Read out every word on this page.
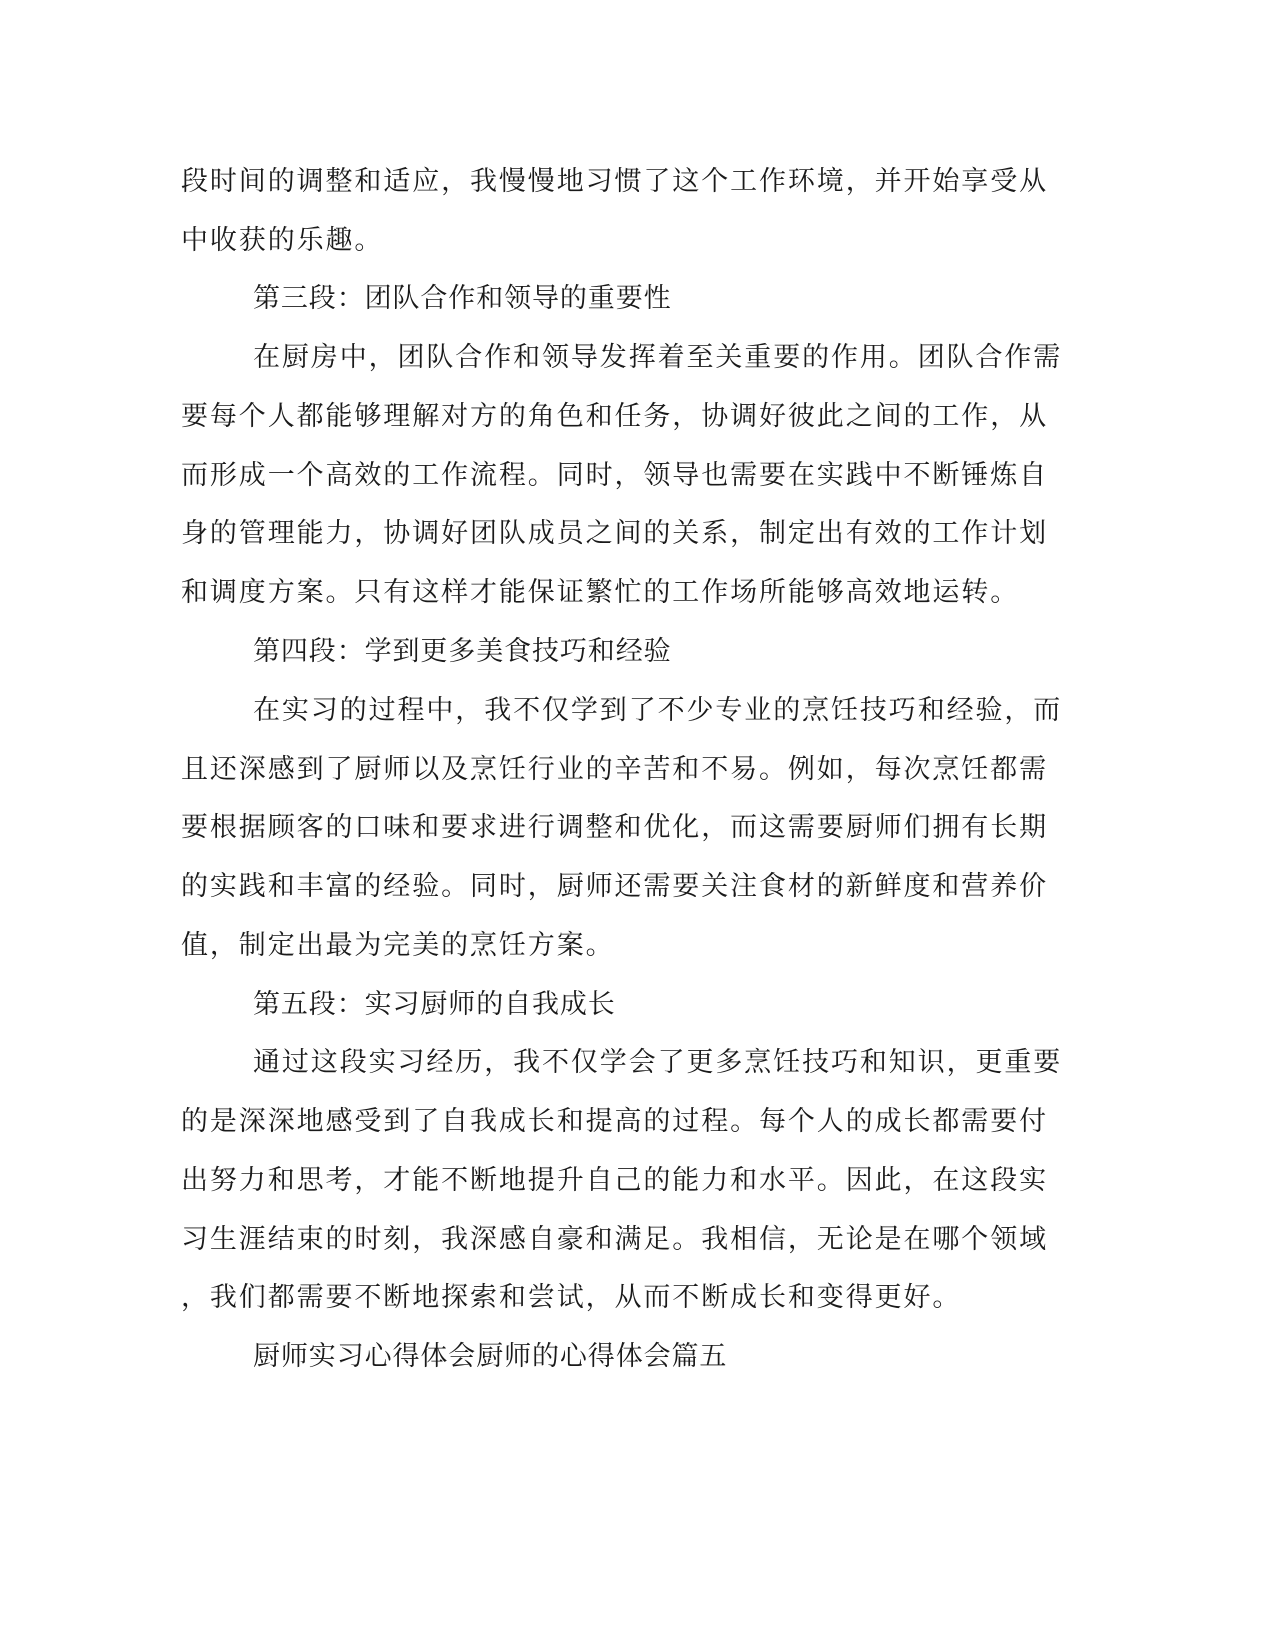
段时间的调整和适应，我慢慢地习惯了这个工作环境，并开始享受从
中收获的乐趣。
第三段：团队合作和领导的重要性
在厨房中，团队合作和领导发挥着至关重要的作用。团队合作需
要每个人都能够理解对方的角色和任务，协调好彼此之间的工作，从
而形成一个高效的工作流程。同时，领导也需要在实践中不断锤炼自
身的管理能力，协调好团队成员之间的关系，制定出有效的工作计划
和调度方案。只有这样才能保证繁忙的工作场所能够高效地运转。
第四段：学到更多美食技巧和经验
在实习的过程中，我不仅学到了不少专业的烹饪技巧和经验，而
且还深感到了厨师以及烹饪行业的辛苦和不易。例如，每次烹饪都需
要根据顾客的口味和要求进行调整和优化，而这需要厨师们拥有长期
的实践和丰富的经验。同时，厨师还需要关注食材的新鲜度和营养价
值，制定出最为完美的烹饪方案。
第五段：实习厨师的自我成长
通过这段实习经历，我不仅学会了更多烹饪技巧和知识，更重要
的是深深地感受到了自我成长和提高的过程。每个人的成长都需要付
出努力和思考，才能不断地提升自己的能力和水平。因此，在这段实
习生涯结束的时刻，我深感自豪和满足。我相信，无论是在哪个领域
，我们都需要不断地探索和尝试，从而不断成长和变得更好。
厨师实习心得体会厨师的心得体会篇五
